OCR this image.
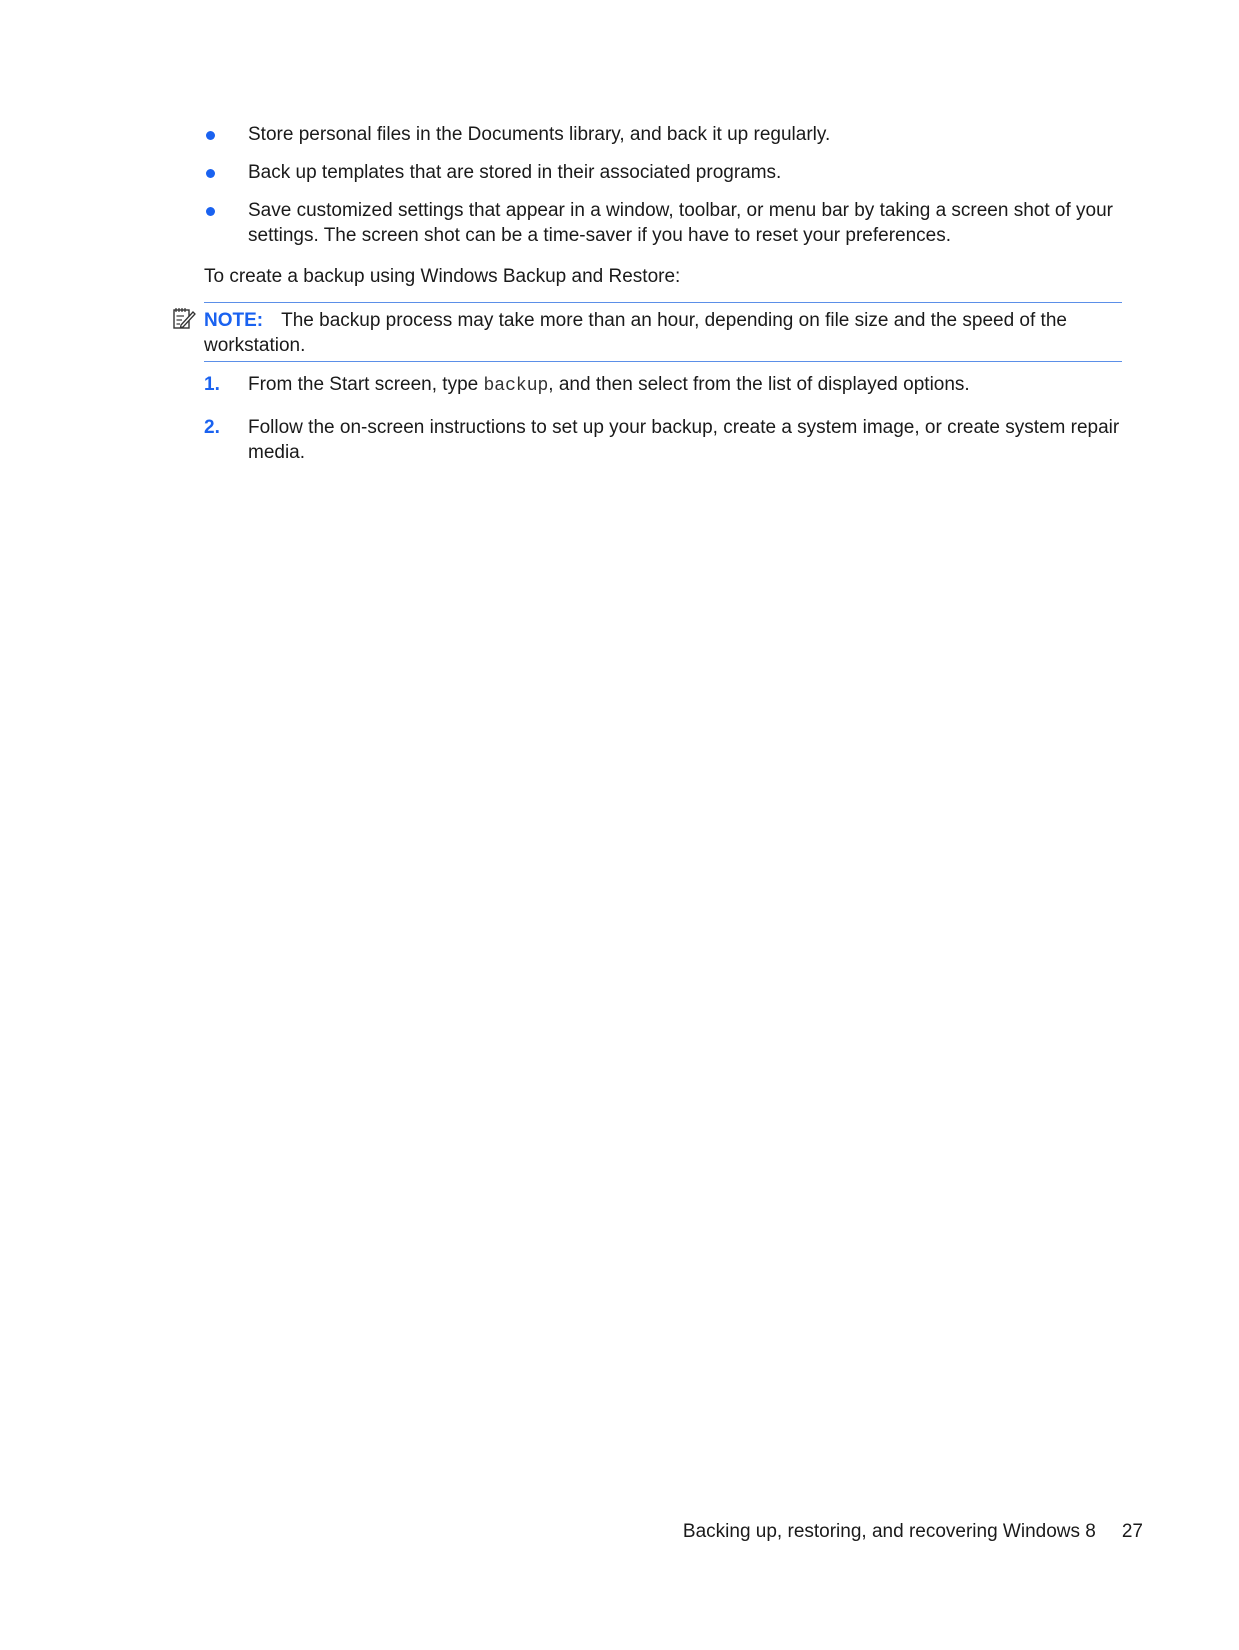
Store personal files in the Documents library, and back it up regularly.
Back up templates that are stored in their associated programs.
Save customized settings that appear in a window, toolbar, or menu bar by taking a screen shot of your settings. The screen shot can be a time-saver if you have to reset your preferences.

To create a backup using Windows Backup and Restore:

NOTE: The backup process may take more than an hour, depending on file size and the speed of the workstation.
1. From the Start screen, type backup, and then select from the list of displayed options.
2. Follow the on-screen instructions to set up your backup, create a system image, or create system repair media.
Backing up, restoring, and recovering Windows 8 27
